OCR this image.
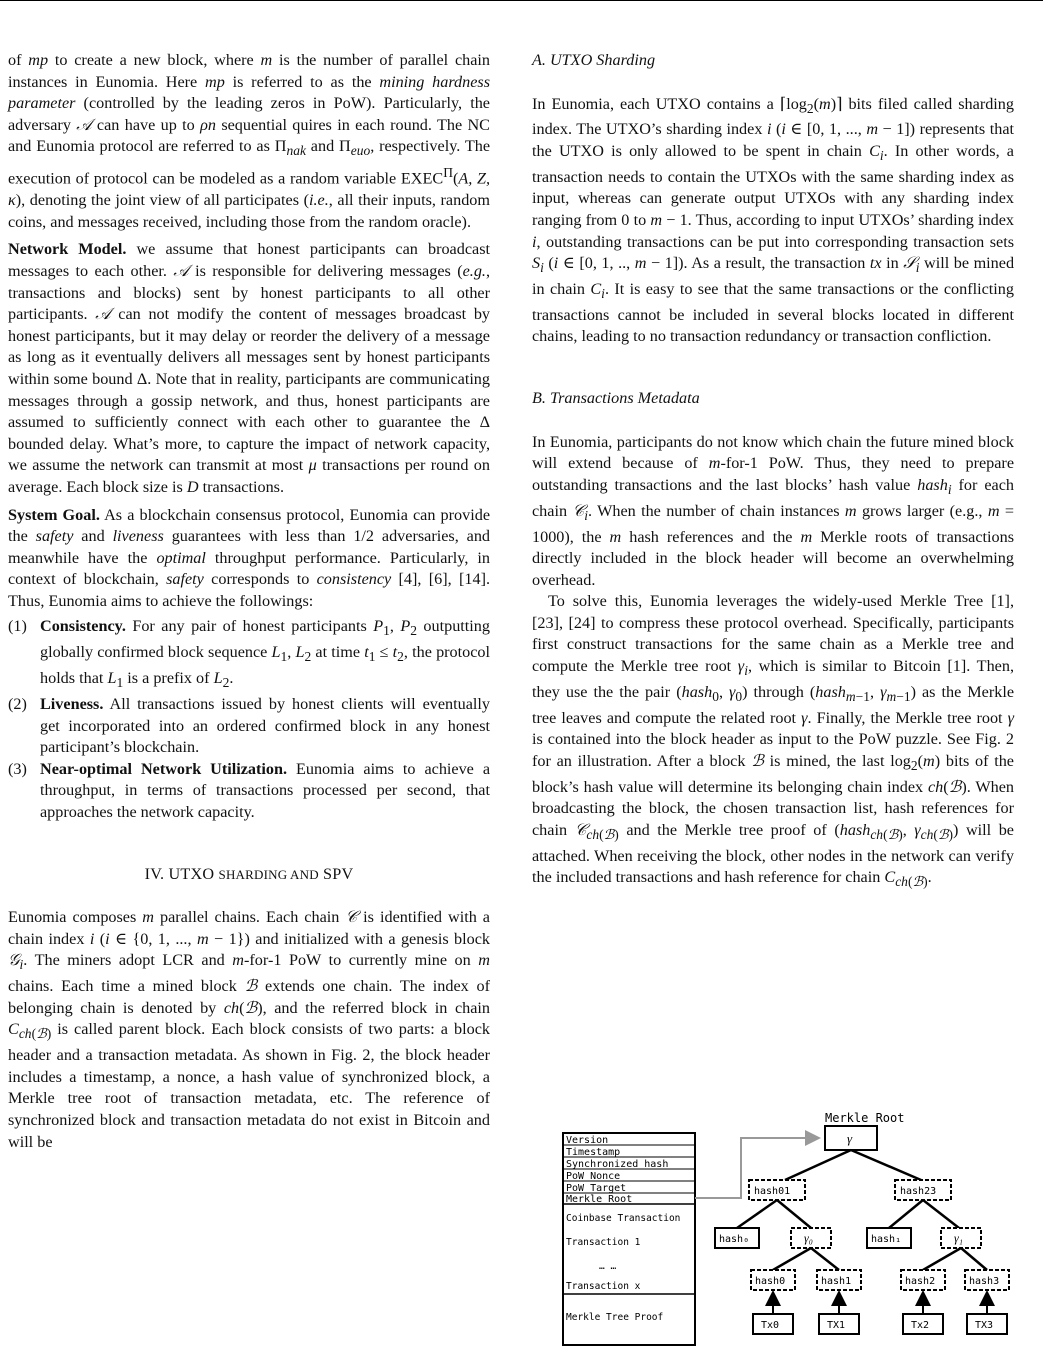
of mp to create a new block, where m is the number of parallel chain instances in Eunomia. Here mp is referred to as the mining hardness parameter (controlled by the leading zeros in PoW). Particularly, the adversary 𝒜 can have up to ρn sequential quires in each round. The NC and Eunomia protocol are referred to as $\Pi_{nak}$ and $\Pi_{euo}$, respectively. The execution of protocol can be modeled as a random variable $EXEC^\Pi(A$, Z, κ), denoting the joint view of all participates (i.e., all their inputs, random coins, and messages received, including those from the random oracle).

Network Model. we assume that honest participants can broadcast messages to each other. 𝒜 is responsible for delivering messages (e.g., transactions and blocks) sent by honest participants to all other participants. 𝒜 can not modify the content of messages broadcast by honest participants, but it may delay or reorder the delivery of a message as long as it eventually delivers all messages sent by honest participants within some bound Δ. Note that in reality, participants are communicating messages through a gossip network, and thus, honest participants are assumed to sufficiently connect with each other to guarantee the Δ bounded delay. What’s more, to capture the impact of network capacity, we assume the network can transmit at most μ transactions per round on average. Each block size is D transactions.

System Goal. As a blockchain consensus protocol, Eunomia can provide the safety and liveness guarantees with less than 1/2 adversaries, and meanwhile have the optimal throughput performance. Particularly, in context of blockchain, safety corresponds to consistency [4], [6], [14]. Thus, Eunomia aims to achieve the followings:

(1) Consistency. For any pair of honest participants $P_1$, $P_2$ outputting globally confirmed block sequence $L_1$, $L_2$ at time $t_1 \le t_2$, the protocol holds that $L_1$ is a prefix of $L_2$.
(2) Liveness. All transactions issued by honest clients will eventually get incorporated into an ordered confirmed block in any honest participant’s blockchain.
(3) Near-optimal Network Utilization. Eunomia aims to achieve a throughput, in terms of transactions processed per second, that approaches the network capacity.

IV. UTXO SHARDING AND SPV

Eunomia composes m parallel chains. Each chain 𝒞 is identified with a chain index i (i ∈ {0, 1, ..., m − 1}) and initialized with a genesis block 𝒢$_i$. The miners adopt LCR and m-for-1 PoW to currently mine on m chains. Each time a mined block ℬ extends one chain. The index of belonging chain is denoted by ch(ℬ), and the referred block in chain $C_{ch(ℬ)}$ is called parent block. Each block consists of two parts: a block header and a transaction metadata. As shown in Fig. 2, the block header includes a timestamp, a nonce, a hash value of synchronized block, a Merkle tree root of transaction metadata, etc. The reference of synchronized block and transaction metadata do not exist in Bitcoin and will be

A. UTXO Sharding

In Eunomia, each UTXO contains a $⌈\log_2(m)⌉$ bits filed called sharding index. The UTXO’s sharding index i (i ∈ [0, 1, ..., m − 1]) represents that the UTXO is only allowed to be spent in chain $C_i$. In other words, a transaction needs to contain the UTXOs with the same sharding index as input, whereas can generate output UTXOs with any sharding index ranging from 0 to m − 1. Thus, according to input UTXOs’ sharding index i, outstanding transactions can be put into corresponding transaction sets $S_i$ (i ∈ [0, 1, .., m − 1]). As a result, the transaction tx in 𝒮$_i$ will be mined in chain $C_i$. It is easy to see that the same transactions or the conflicting transactions cannot be included in several blocks located in different chains, leading to no transaction redundancy or transaction confliction.

B. Transactions Metadata

In Eunomia, participants do not know which chain the future mined block will extend because of m-for-1 PoW. Thus, they need to prepare outstanding transactions and the last blocks’ hash value hash$_i$ for each chain 𝒞$_i$. When the number of chain instances m grows larger (e.g., m = 1000), the m hash references and the m Merkle roots of transactions directly included in the block header will become an overwhelming overhead.

To solve this, Eunomia leverages the widely-used Merkle Tree [1], [23], [24] to compress these protocol overhead. Specifically, participants first construct transactions for the same chain as a Merkle tree and compute the Merkle tree root $\gamma_i$, which is similar to Bitcoin [1]. Then, they use the the pair (hash$_0$, $\gamma_0$) through (hash$_{m-1}$, $\gamma_{m-1}$) as the Merkle tree leaves and compute the related root γ. Finally, the Merkle tree root γ is contained into the block header as input to the PoW puzzle. See Fig. 2 for an illustration. After a block ℬ is mined, the last $\log_2(m)$ bits of the block’s hash value will determine its belonging chain index ch(ℬ). When broadcasting the block, the chosen transaction list, hash references for chain 𝒞$_{ch(ℬ)}$ and the Merkle tree proof of (hash$_{ch(ℬ)}$, $\gamma_{ch(ℬ)}$) will be attached. When receiving the block, other nodes in the network can verify the included transactions and hash reference for chain $C_{ch(ℬ)}$.

Version
Timestamp
Synchronized hash
PoW Nonce
PoW Target
Merkle Root
Coinbase Transaction
Transaction 1
… …
Transaction x
Merkle Tree Proof
Merkle Root
γ
hash01	hash23
hash₀	γ₀	hash₁	γ₁
hash0	hash1	hash2	hash3
Tx0	TX1	Tx2	TX3
